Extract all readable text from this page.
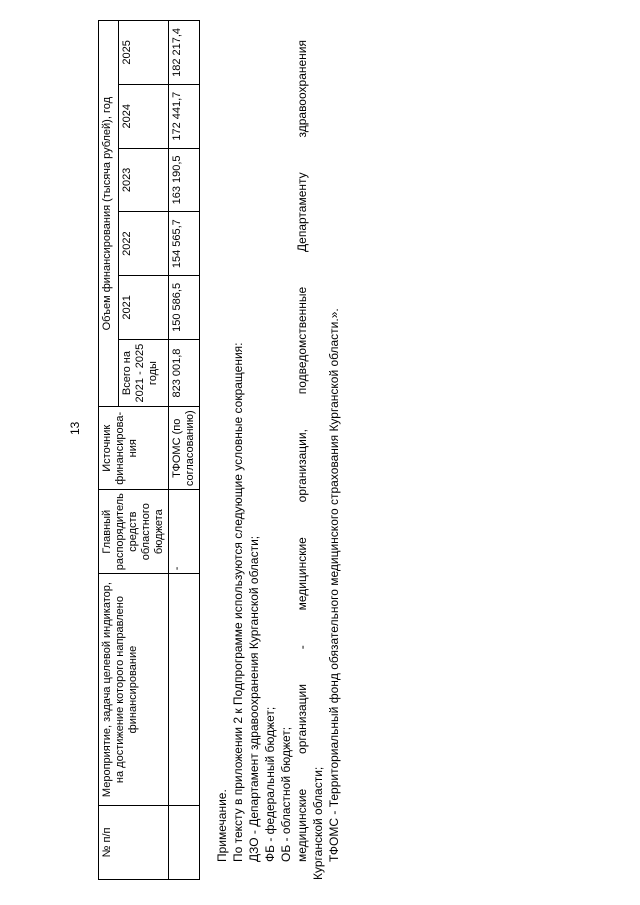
13
№ п/п	Мероприятие, задача целевой индикатор, на достижение которого направлено финансирование	Главный распорядитель средств областного бюджета	Источник финансирова-ния	Объем финансирования (тысяча рублей), год					
				Всего на 2021 - 2025 годы	2021	2022	2023	2024	2025
		-	ТФОМС (по согласованию)	823 001,8	150 586,5	154 565,7	163 190,5	172 441,7	182 217,4

Примечание. По тексту в приложении 2 к Подпрограмме используются следующие условные сокращения: ДЗО - Департамент здравоохранения Курганской области; ФБ - федеральный бюджет; ОБ - областной бюджет; медицинские организации - медицинские организации, подведомственные Департаменту здравоохранения Курганской области; ТФОМС - Территориальный фонд обязательного медицинского страхования Курганской области.».
